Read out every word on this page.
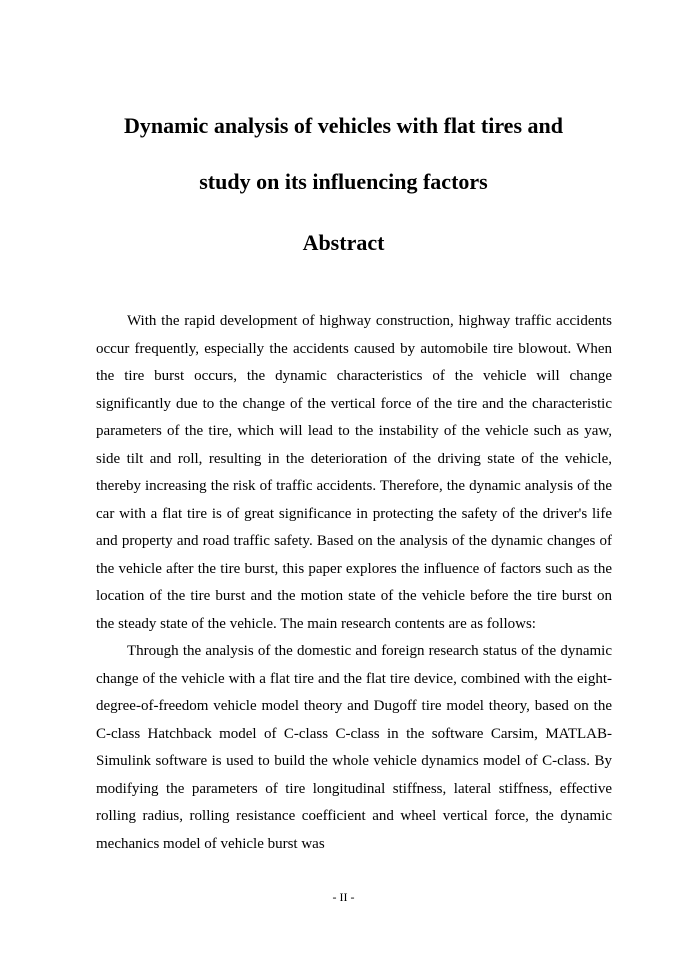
Dynamic analysis of vehicles with flat tires and
study on its influencing factors
Abstract

With the rapid development of highway construction, highway traffic accidents occur frequently, especially the accidents caused by automobile tire blowout. When the tire burst occurs, the dynamic characteristics of the vehicle will change significantly due to the change of the vertical force of the tire and the characteristic parameters of the tire, which will lead to the instability of the vehicle such as yaw, side tilt and roll, resulting in the deterioration of the driving state of the vehicle, thereby increasing the risk of traffic accidents. Therefore, the dynamic analysis of the car with a flat tire is of great significance in protecting the safety of the driver's life and property and road traffic safety. Based on the analysis of the dynamic changes of the vehicle after the tire burst, this paper explores the influence of factors such as the location of the tire burst and the motion state of the vehicle before the tire burst on the steady state of the vehicle. The main research contents are as follows:

Through the analysis of the domestic and foreign research status of the dynamic change of the vehicle with a flat tire and the flat tire device, combined with the eight-degree-of-freedom vehicle model theory and Dugoff tire model theory, based on the C-class Hatchback model of C-class C-class in the software Carsim, MATLAB-Simulink software is used to build the whole vehicle dynamics model of C-class. By modifying the parameters of tire longitudinal stiffness, lateral stiffness, effective rolling radius, rolling resistance coefficient and wheel vertical force, the dynamic mechanics model of vehicle burst was

- II -
